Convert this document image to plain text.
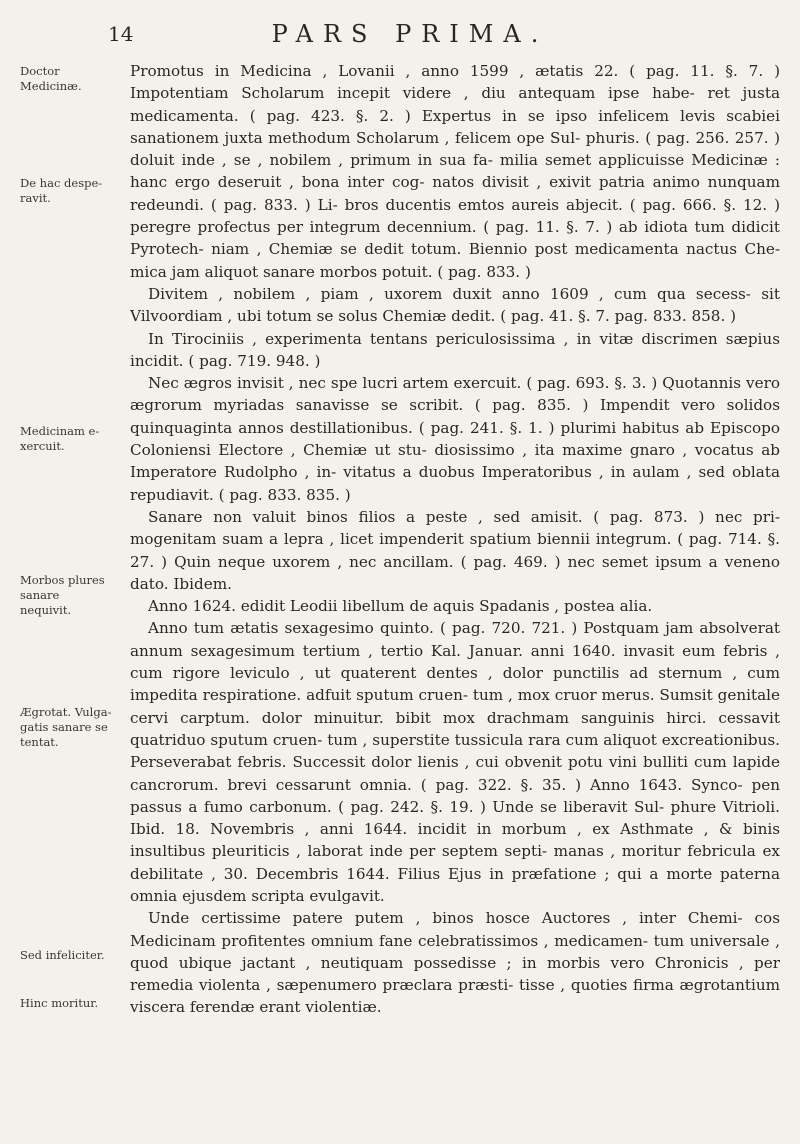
14	PARS PRIMA.
Doctor Medicinæ.
De hac despe- ravit.
Medicinam e- xercuit.
Morbos plures sanare nequivit.
Ægrotat. Vulga- gatis sanare se tentat.
Sed infeliciter.
Hinc moritur.

Promotus in Medicina , Lovanii , anno 1599 , ætatis 22. ( pag. 11. §. 7. ) Impotentiam Scholarum incepit videre , diu antequam ipse habe- ret justa medicamenta. ( pag. 423. §. 2. ) Expertus in se ipso infelicem levis scabiei sanationem juxta methodum Scholarum , felicem ope Sul- phuris. ( pag. 256. 257. ) doluit inde , se , nobilem , primum in sua fa- milia semet applicuisse Medicinæ : hanc ergo deseruit , bona inter cog- natos divisit , exivit patria animo nunquam redeundi. ( pag. 833. ) Li- bros ducentis emtos aureis abjecit. ( pag. 666. §. 12. ) peregre profectus per integrum decennium. ( pag. 11. §. 7. ) ab idiota tum didicit Pyrotech- niam , Chemiæ se dedit totum. Biennio post medicamenta nactus Che- mica jam aliquot sanare morbos potuit. ( pag. 833. )

Divitem , nobilem , piam , uxorem duxit anno 1609 , cum qua secess- sit Vilvoordiam , ubi totum se solus Chemiæ dedit. ( pag. 41. §. 7. pag. 833. 858. )

In Tirociniis , experimenta tentans periculosissima , in vitæ discrimen sæpius incidit. ( pag. 719. 948. )

Nec ægros invisit , nec spe lucri artem exercuit. ( pag. 693. §. 3. ) Quotannis vero ægrorum myriadas sanavisse se scribit. ( pag. 835. ) Impendit vero solidos quinquaginta annos destillationibus. ( pag. 241. §. 1. ) plurimi habitus ab Episcopo Coloniensi Electore , Chemiæ ut stu- diosissimo , ita maxime gnaro , vocatus ab Imperatore Rudolpho , in- vitatus a duobus Imperatoribus , in aulam , sed oblata repudiavit. ( pag. 833. 835. )

Sanare non valuit binos filios a peste , sed amisit. ( pag. 873. ) nec pri- mogenitam suam a lepra , licet impenderit spatium biennii integrum. ( pag. 714. §. 27. ) Quin neque uxorem , nec ancillam. ( pag. 469. ) nec semet ipsum a veneno dato. Ibidem.

Anno 1624. edidit Leodii libellum de aquis Spadanis , postea alia.

Anno tum ætatis sexagesimo quinto. ( pag. 720. 721. ) Postquam jam absolverat annum sexagesimum tertium , tertio Kal. Januar. anni 1640. invasit eum febris , cum rigore leviculo , ut quaterent dentes , dolor punctilis ad sternum , cum impedita respiratione. adfuit sputum cruen- tum , mox cruor merus. Sumsit genitale cervi carptum. dolor minuitur. bibit mox drachmam sanguinis hirci. cessavit quatriduo sputum cruen- tum , superstite tussicula rara cum aliquot excreationibus. Perseverabat febris. Successit dolor lienis , cui obvenit potu vini bulliti cum lapide cancrorum. brevi cessarunt omnia. ( pag. 322. §. 35. ) Anno 1643. Synco- pen passus a fumo carbonum. ( pag. 242. §. 19. ) Unde se liberavit Sul- phure Vitrioli. Ibid. 18. Novembris , anni 1644. incidit in morbum , ex Asthmate , & binis insultibus pleuriticis , laborat inde per septem septi- manas , moritur febricula ex debilitate , 30. Decembris 1644. Filius Ejus in præfatione ; qui a morte paterna omnia ejusdem scripta evulgavit.

Unde certissime patere putem , binos hosce Auctores , inter Chemi- cos Medicinam profitentes omnium fane celebratissimos , medicamen- tum universale , quod ubique jactant , neutiquam possedisse ; in morbis vero Chronicis , per remedia violenta , sæpenumero præclara præsti- tisse , quoties firma ægrotantium viscera ferendæ erant violentiæ.
